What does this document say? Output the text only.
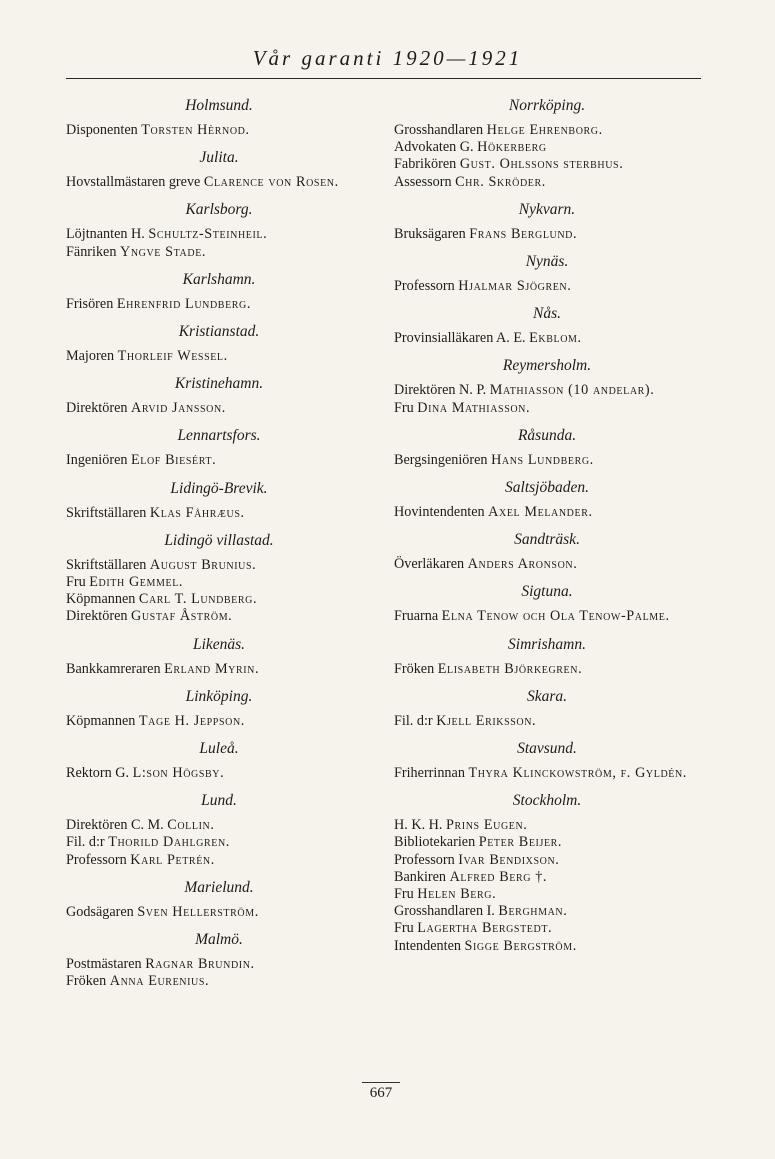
Vår garanti 1920—1921
Holmsund.
Disponenten Torsten Hèrnod.
Julita.
Hovstallmästaren greve Clarence von Rosen.
Karlsborg.
Löjtnanten H. Schultz-Steinheil.
Fänriken Yngve Stade.
Karlshamn.
Frisören Ehrenfrid Lundberg.
Kristianstad.
Majoren Thorleif Wessel.
Kristinehamn.
Direktören Arvid Jansson.
Lennartsfors.
Ingeniören Elof Biesért.
Lidingö-Brevik.
Skriftställaren Klas Fåhræus.
Lidingö villastad.
Skriftställaren August Brunius.
Fru Edith Gemmel.
Köpmannen Carl T. Lundberg.
Direktören Gustaf Åström.
Likenäs.
Bankkamreraren Erland Myrin.
Linköping.
Köpmannen Tage H. Jeppson.
Luleå.
Rektorn G. L:son Högsby.
Lund.
Direktören C. M. Collin.
Fil. d:r Thorild Dahlgren.
Professorn Karl Petrén.
Marielund.
Godsägaren Sven Hellerström.
Malmö.
Postmästaren Ragnar Brundin.
Fröken Anna Eurenius.
Norrköping.
Grosshandlaren Helge Ehrenborg.
Advokaten G. Hökerberg
Fabrikören Gust. Ohlssons sterbhus.
Assessorn Chr. Skröder.
Nykvarn.
Bruksägaren Frans Berglund.
Nynäs.
Professorn Hjalmar Sjögren.
Nås.
Provinsialläkaren A. E. Ekblom.
Reymersholm.
Direktören N. P. Mathiasson (10 andelar).
Fru Dina Mathiasson.
Råsunda.
Bergsingeniören Hans Lundberg.
Saltsjöbaden.
Hovintendenten Axel Melander.
Sandträsk.
Överläkaren Anders Aronson.
Sigtuna.
Fruarna Elna Tenow och Ola Tenow-Palme.
Simrishamn.
Fröken Elisabeth Björkegren.
Skara.
Fil. d:r Kjell Eriksson.
Stavsund.
Friherrinnan Thyra Klinckowström, f. Gyldén.
Stockholm.
H. K. H. Prins Eugen.
Bibliotekarien Peter Beijer.
Professorn Ivar Bendixson.
Bankiren Alfred Berg †.
Fru Helen Berg.
Grosshandlaren I. Berghman.
Fru Lagertha Bergstedt.
Intendenten Sigge Bergström.
667
